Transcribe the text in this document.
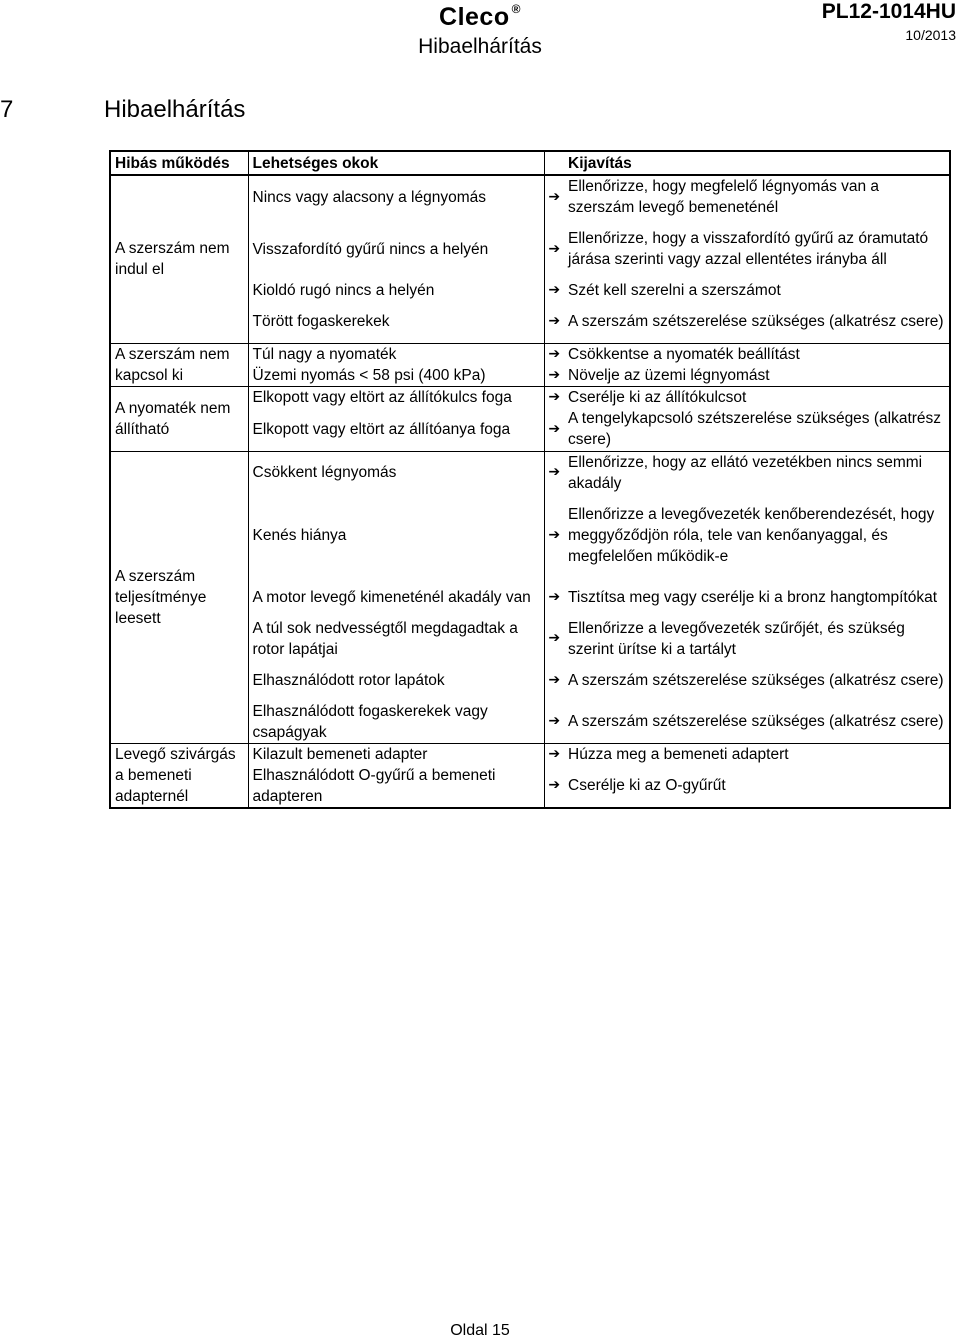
Cleco ®
Hibaelhárítás
PL12-1014HU
10/2013
7	Hibaelhárítás
Hibás működés	Lehetséges okok		Kijavítás
A szerszám nem indul el	Nincs vagy alacsony a légnyomás	➔	Ellenőrizze, hogy megfelelő légnyomás van a szerszám levegő bemeneténél
	Visszafordító gyűrű nincs a helyén	➔	Ellenőrizze, hogy a visszafordító gyűrű az óramutató járása szerinti vagy azzal ellentétes irányba áll
	Kioldó rugó nincs a helyén	➔	Szét kell szerelni a szerszámot
	Törött fogaskerekek	➔	A szerszám szétszerelése szükséges (alkatrész csere)
A szerszám nem kapcsol ki	Túl nagy a nyomaték	➔	Csökkentse a nyomaték beállítást
	Üzemi nyomás < 58 psi (400 kPa)	➔	Növelje az üzemi légnyomást
A nyomaték nem állítható	Elkopott vagy eltört az állítókulcs foga	➔	Cserélje ki az állítókulcsot
	Elkopott vagy eltört az állítóanya foga	➔	A tengelykapcsoló szétszerelése szükséges (alkatrész csere)
A szerszám teljesítménye leesett	Csökkent légnyomás	➔	Ellenőrizze, hogy az ellátó vezetékben nincs semmi akadály
	Kenés hiánya	➔	Ellenőrizze a levegővezeték kenőberendezését, hogy meggyőződjön róla, tele van kenőanyaggal, és megfelelően működik-e
	A motor levegő kimeneténél akadály van	➔	Tisztítsa meg vagy cserélje ki a bronz hangtompítókat
	A túl sok nedvességtől megdagadtak a rotor lapátjai	➔	Ellenőrizze a levegővezeték szűrőjét, és szükség szerint ürítse ki a tartályt
	Elhasználódott rotor lapátok	➔	A szerszám szétszerelése szükséges (alkatrész csere)
	Elhasználódott fogaskerekek vagy csapágyak	➔	A szerszám szétszerelése szükséges (alkatrész csere)
Levegő szivárgás a bemeneti adapternél	Kilazult bemeneti adapter	➔	Húzza meg a bemeneti adaptert
	Elhasználódott O-gyűrű a bemeneti adapteren	➔	Cserélje ki az O-gyűrűt
Oldal 15
